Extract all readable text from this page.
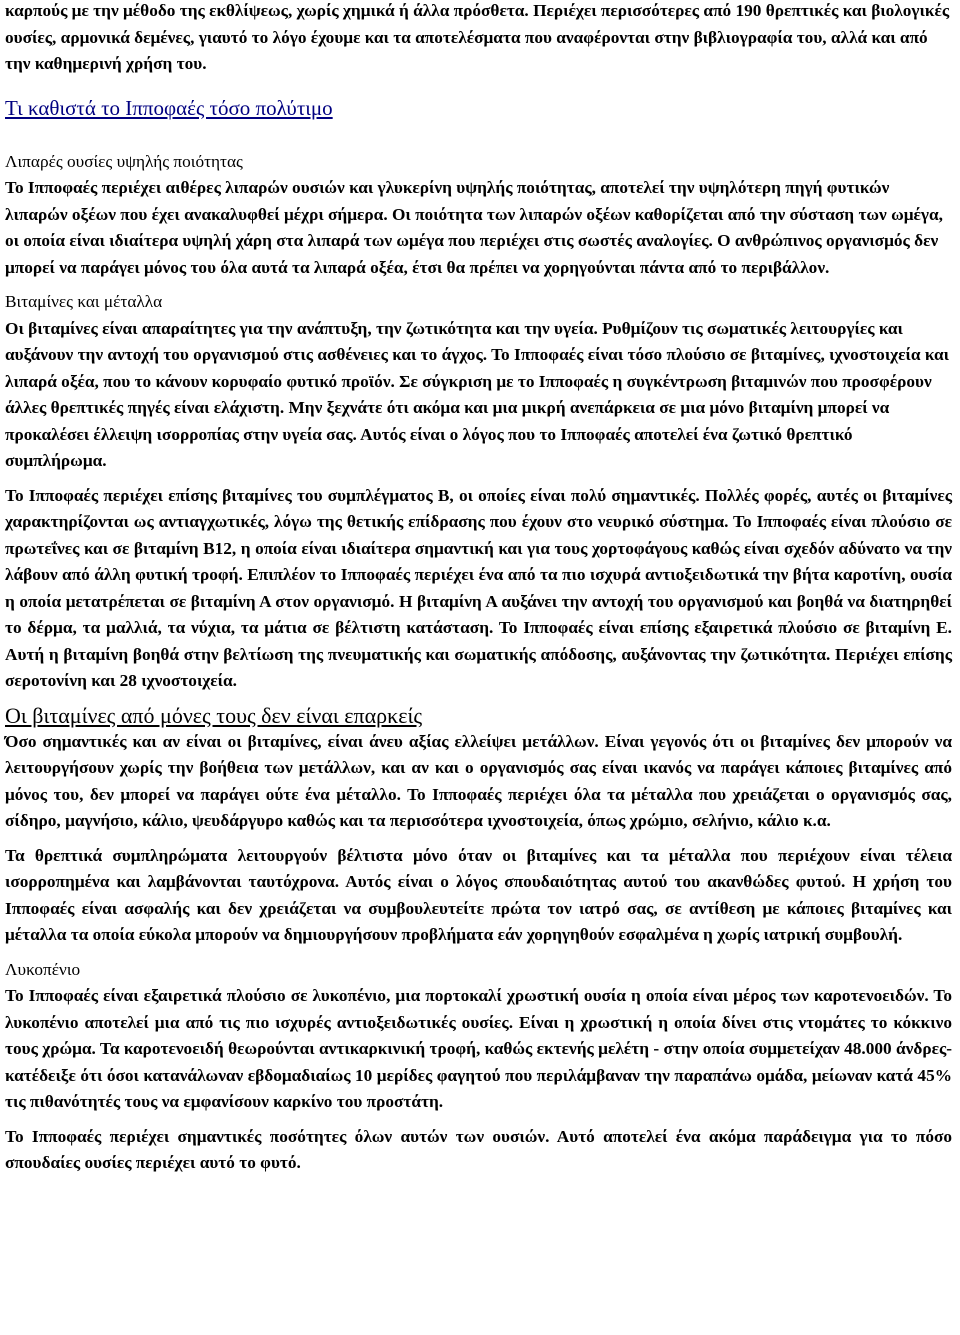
καρπούς με την μέθοδο της εκθλίψεως, χωρίς χημικά ή άλλα πρόσθετα. Περιέχει περισσότερες από 190 θρεπτικές και βιολογικές ουσίες, αρμονικά δεμένες, γιαυτό το λόγο έχουμε και τα αποτελέσματα που αναφέρονται στην βιβλιογραφία του, αλλά και από την καθημερινή χρήση του.

Τι καθιστά το Ιπποφαές τόσο πολύτιμο

Λιπαρές ουσίες υψηλής ποιότητας

Το Ιπποφαές περιέχει αιθέρες λιπαρών ουσιών και γλυκερίνη υψηλής ποιότητας, αποτελεί την υψηλότερη πηγή φυτικών λιπαρών οξέων που έχει ανακαλυφθεί μέχρι σήμερα. Οι ποιότητα των λιπαρών οξέων καθορίζεται από την σύσταση των ωμέγα, οι οποία είναι ιδιαίτερα υψηλή χάρη στα λιπαρά των ωμέγα που περιέχει στις σωστές αναλογίες. Ο ανθρώπινος οργανισμός δεν μπορεί να παράγει μόνος του όλα αυτά τα λιπαρά οξέα, έτσι θα πρέπει να χορηγούνται πάντα από το περιβάλλον.

Βιταμίνες και μέταλλα

Οι βιταμίνες είναι απαραίτητες για την ανάπτυξη, την ζωτικότητα και την υγεία. Ρυθμίζουν τις σωματικές λειτουργίες και αυξάνουν την αντοχή του οργανισμού στις ασθένειες και το άγχος. Το Ιπποφαές είναι τόσο πλούσιο σε βιταμίνες, ιχνοστοιχεία και λιπαρά οξέα, που το κάνουν κορυφαίο φυτικό προϊόν. Σε σύγκριση με το Ιπποφαές η συγκέντρωση βιταμινών που προσφέρουν άλλες θρεπτικές πηγές είναι ελάχιστη. Μην ξεχνάτε ότι ακόμα και μια μικρή ανεπάρκεια σε μια μόνο βιταμίνη μπορεί να προκαλέσει έλλειψη ισορροπίας στην υγεία σας. Αυτός είναι ο λόγος που το Ιπποφαές αποτελεί ένα ζωτικό θρεπτικό συμπλήρωμα.

Το Ιπποφαές περιέχει επίσης βιταμίνες του συμπλέγματος Β, οι οποίες είναι πολύ σημαντικές. Πολλές φορές, αυτές οι βιταμίνες χαρακτηρίζονται ως αντιαγχωτικές, λόγω της θετικής επίδρασης που έχουν στο νευρικό σύστημα. Το Ιπποφαές είναι πλούσιο σε πρωτεΐνες και σε βιταμίνη Β12, η οποία είναι ιδιαίτερα σημαντική και για τους χορτοφάγους καθώς είναι σχεδόν αδύνατο να την λάβουν από άλλη φυτική τροφή. Επιπλέον το Ιπποφαές περιέχει ένα από τα πιο ισχυρά αντιοξειδωτικά την βήτα καροτίνη, ουσία η οποία μετατρέπεται σε βιταμίνη Α στον οργανισμό. Η βιταμίνη Α αυξάνει την αντοχή του οργανισμού και βοηθά να διατηρηθεί το δέρμα, τα μαλλιά, τα νύχια, τα μάτια σε βέλτιστη κατάσταση. Το Ιπποφαές είναι επίσης εξαιρετικά πλούσιο σε βιταμίνη Ε. Αυτή η βιταμίνη βοηθά στην βελτίωση της πνευματικής και σωματικής απόδοσης, αυξάνοντας την ζωτικότητα. Περιέχει επίσης σεροτονίνη και 28 ιχνοστοιχεία.

Οι βιταμίνες από μόνες τους δεν είναι επαρκείς

Όσο σημαντικές και αν είναι οι βιταμίνες, είναι άνευ αξίας ελλείψει μετάλλων. Είναι γεγονός ότι οι βιταμίνες δεν μπορούν να λειτουργήσουν χωρίς την βοήθεια των μετάλλων, και αν και ο οργανισμός σας είναι ικανός να παράγει κάποιες βιταμίνες από μόνος του, δεν μπορεί να παράγει ούτε ένα μέταλλο. Το Ιπποφαές περιέχει όλα τα μέταλλα που χρειάζεται ο οργανισμός σας, σίδηρο, μαγνήσιο, κάλιο, ψευδάργυρο καθώς και τα περισσότερα ιχνοστοιχεία, όπως χρώμιο, σελήνιο, κάλιο κ.α.

Τα θρεπτικά συμπληρώματα λειτουργούν βέλτιστα μόνο όταν οι βιταμίνες και τα μέταλλα που περιέχουν είναι τέλεια ισορροπημένα και λαμβάνονται ταυτόχρονα. Αυτός είναι ο λόγος σπουδαιότητας αυτού του ακανθώδες φυτού. Η χρήση του Ιπποφαές είναι ασφαλής και δεν χρειάζεται να συμβουλευτείτε πρώτα τον ιατρό σας, σε αντίθεση με κάποιες βιταμίνες και μέταλλα τα οποία εύκολα μπορούν να δημιουργήσουν προβλήματα εάν χορηγηθούν εσφαλμένα η χωρίς ιατρική συμβουλή.

Λυκοπένιο

Το Ιπποφαές είναι εξαιρετικά πλούσιο σε λυκοπένιο, μια πορτοκαλί χρωστική ουσία η οποία είναι μέρος των καροτενοειδών. Το λυκοπένιο αποτελεί μια από τις πιο ισχυρές αντιοξειδωτικές ουσίες. Είναι η χρωστική η οποία δίνει στις ντομάτες το κόκκινο τους χρώμα. Τα καροτενοειδή θεωρούνται αντικαρκινική τροφή, καθώς εκτενής μελέτη - στην οποία συμμετείχαν 48.000 άνδρες- κατέδειξε ότι όσοι κατανάλωναν εβδομαδιαίως 10 μερίδες φαγητού που περιλάμβαναν την παραπάνω ομάδα, μείωναν κατά 45% τις πιθανότητές τους να εμφανίσουν καρκίνο του προστάτη.

Το Ιπποφαές περιέχει σημαντικές ποσότητες όλων αυτών των ουσιών. Αυτό αποτελεί ένα ακόμα παράδειγμα για το πόσο σπουδαίες ουσίες περιέχει αυτό το φυτό.
